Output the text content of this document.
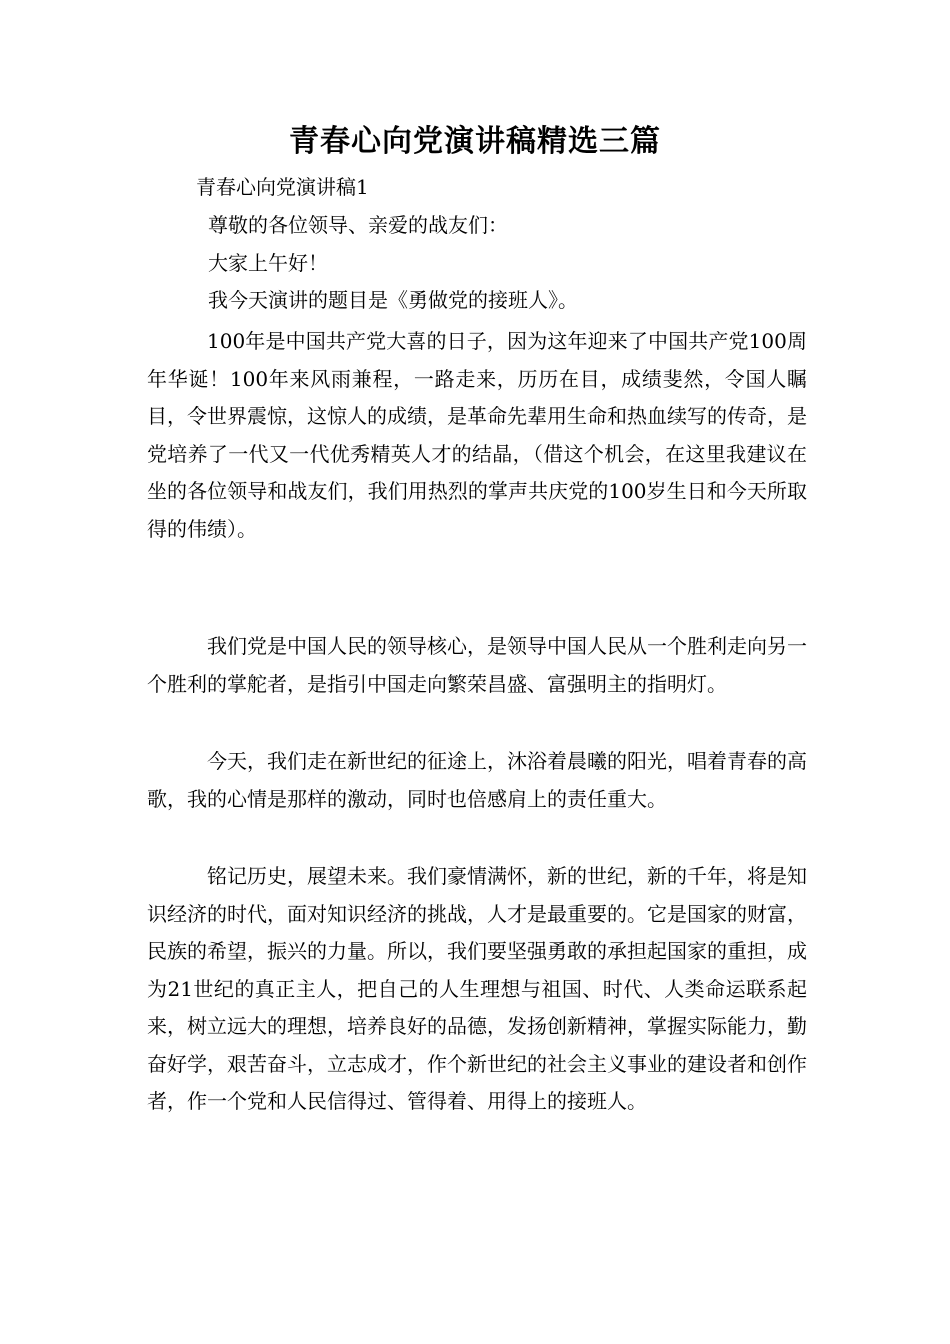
青春心向党演讲稿精选三篇
青春心向党演讲稿1
尊敬的各位领导、亲爱的战友们：
大家上午好！
我今天演讲的题目是《勇做党的接班人》。

100年是中国共产党大喜的日子，因为这年迎来了中国共产党100周年华诞！100年来风雨兼程，一路走来，历历在目，成绩斐然，令国人瞩目，令世界震惊，这惊人的成绩，是革命先辈用生命和热血续写的传奇，是党培养了一代又一代优秀精英人才的结晶，（借这个机会，在这里我建议在坐的各位领导和战友们，我们用热烈的掌声共庆党的100岁生日和今天所取得的伟绩）。

我们党是中国人民的领导核心，是领导中国人民从一个胜利走向另一个胜利的掌舵者，是指引中国走向繁荣昌盛、富强明主的指明灯。

今天，我们走在新世纪的征途上，沐浴着晨曦的阳光，唱着青春的高歌，我的心情是那样的激动，同时也倍感肩上的责任重大。

铭记历史，展望未来。我们豪情满怀，新的世纪，新的千年，将是知识经济的时代，面对知识经济的挑战，人才是最重要的。它是国家的财富，民族的希望，振兴的力量。所以，我们要坚强勇敢的承担起国家的重担，成为21世纪的真正主人，把自己的人生理想与祖国、时代、人类命运联系起来，树立远大的理想，培养良好的品德，发扬创新精神，掌握实际能力，勤奋好学，艰苦奋斗，立志成才，作个新世纪的社会主义事业的建设者和创作者，作一个党和人民信得过、管得着、用得上的接班人。
